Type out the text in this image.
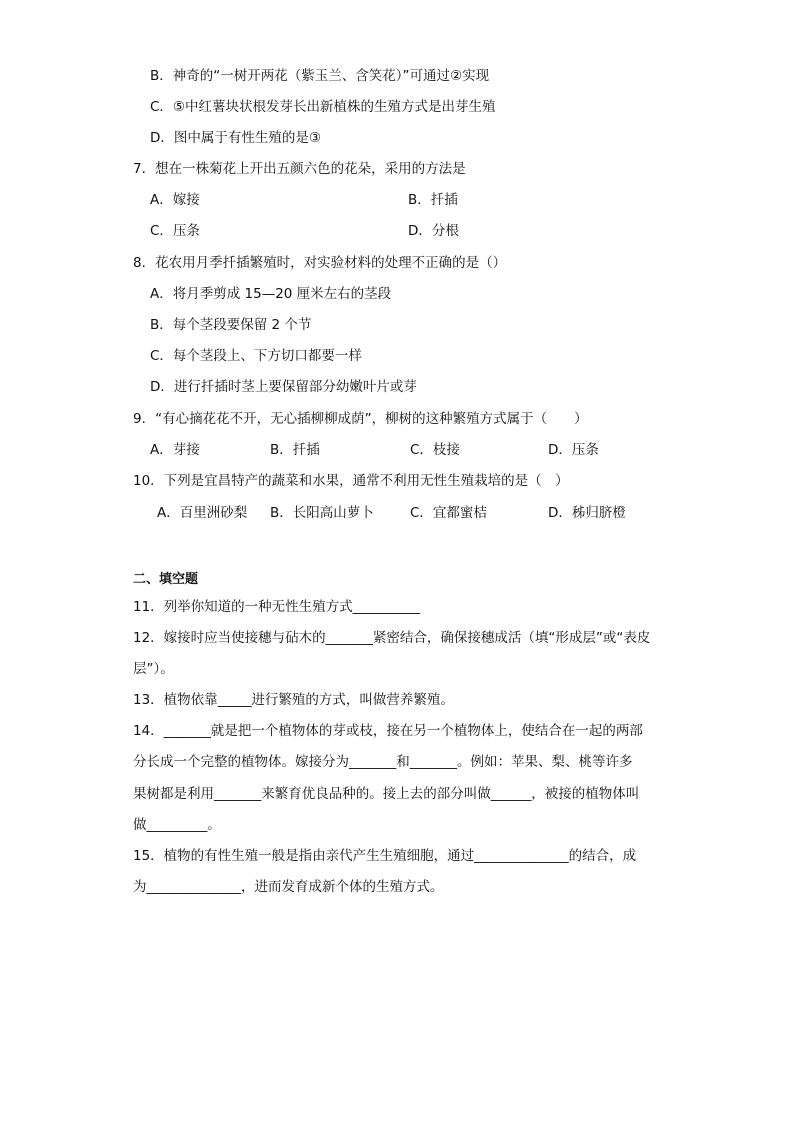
B．神奇的“一树开两花（紫玉兰、含笑花）”可通过②实现
C．⑤中红薯块状根发芽长出新植株的生殖方式是出芽生殖
D．图中属于有性生殖的是③
7．想在一株菊花上开出五颜六色的花朵，采用的方法是
A．嫁接	B．扦插
C．压条	D．分根
8．花农用月季扦插繁殖时，对实验材料的处理不正确的是（）
A．将月季剪成 15—20 厘米左右的茎段
B．每个茎段要保留 2 个节
C．每个茎段上、下方切口都要一样
D．进行扦插时茎上要保留部分幼嫩叶片或芽
9．“有心摘花花不开，无心插柳柳成荫”，柳树的这种繁殖方式属于（　　）
A．芽接	B．扦插	C．枝接	D．压条
10．下列是宜昌特产的蔬菜和水果，通常不利用无性生殖栽培的是（　）
A．百里洲砂梨 B．长阳高山萝卜	C．宜都蜜桔	D．秭归脐橙
二、填空题
11．列举你知道的一种无性生殖方式__________
12．嫁接时应当使接穗与砧木的_______紧密结合，确保接穗成活（填“形成层”或“表皮
层”）。
13．植物依靠_____进行繁殖的方式，叫做营养繁殖。
14．_______就是把一个植物体的芽或枝，接在另一个植物体上，使结合在一起的两部
分长成一个完整的植物体。嫁接分为_______和_______。例如：苹果、梨、桃等许多
果树都是利用_______来繁育优良品种的。接上去的部分叫做______，被接的植物体叫
做_________。
15．植物的有性生殖一般是指由亲代产生生殖细胞，通过______________的结合，成
为______________，进而发育成新个体的生殖方式。
